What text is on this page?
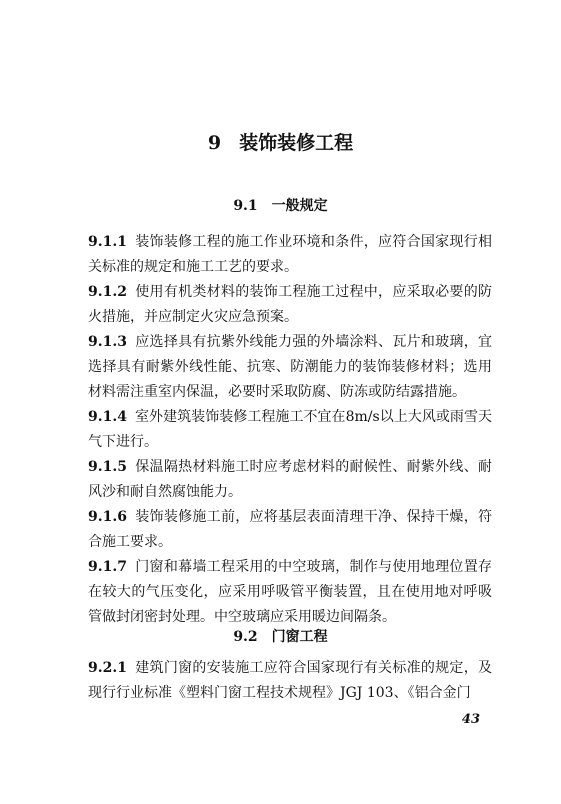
9 装饰装修工程
9.1 一般规定
9.1.1 装饰装修工程的施工作业环境和条件，应符合国家现行相关标准的规定和施工工艺的要求。
9.1.2 使用有机类材料的装饰工程施工过程中，应采取必要的防火措施，并应制定火灾应急预案。
9.1.3 应选择具有抗紫外线能力强的外墙涂料、瓦片和玻璃，宜选择具有耐紫外线性能、抗寒、防潮能力的装饰装修材料；选用材料需注重室内保温，必要时采取防腐、防冻或防结露措施。
9.1.4 室外建筑装饰装修工程施工不宜在8m/s以上大风或雨雪天气下进行。
9.1.5 保温隔热材料施工时应考虑材料的耐候性、耐紫外线、耐风沙和耐自然腐蚀能力。
9.1.6 装饰装修施工前，应将基层表面清理干净、保持干燥，符合施工要求。
9.1.7 门窗和幕墙工程采用的中空玻璃，制作与使用地理位置存在较大的气压变化，应采用呼吸管平衡装置，且在使用地对呼吸管做封闭密封处理。中空玻璃应采用暖边间隔条。
9.2 门窗工程
9.2.1 建筑门窗的安装施工应符合国家现行有关标准的规定，及现行行业标准《塑料门窗工程技术规程》JGJ 103、《铝合金门
43
